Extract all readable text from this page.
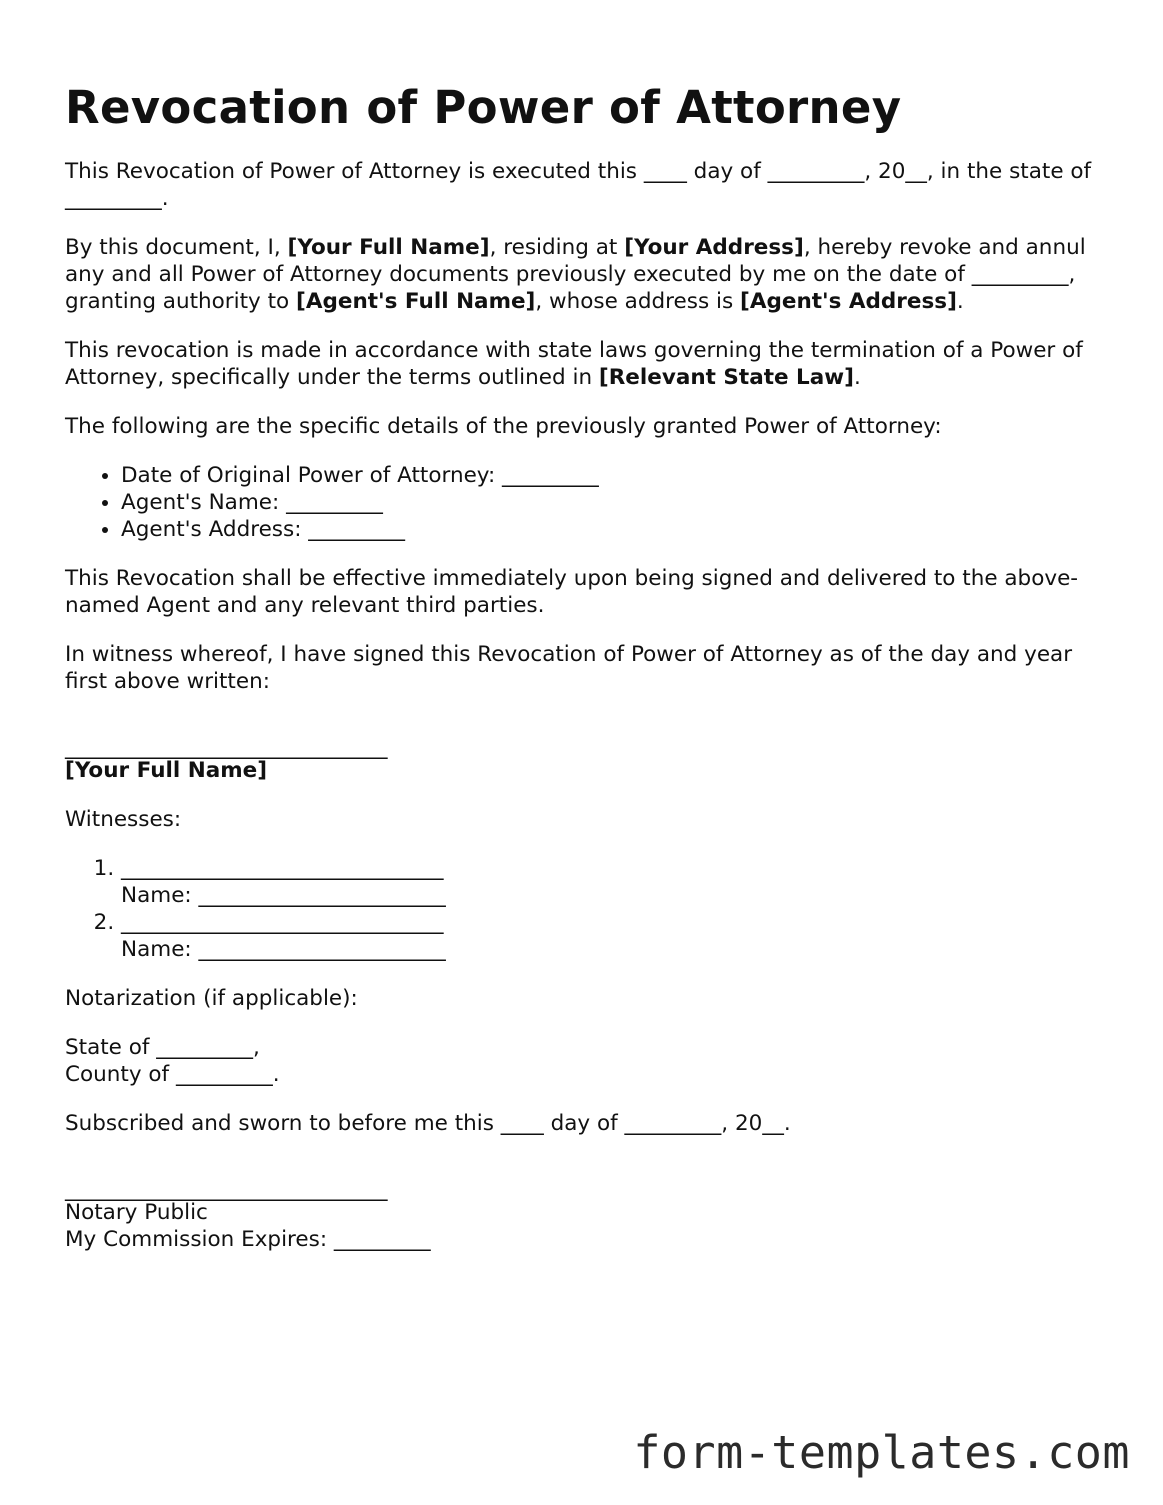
Revocation of Power of Attorney

This Revocation of Power of Attorney is executed this ____ day of _________, 20__, in the state of _________.

By this document, I, [Your Full Name], residing at [Your Address], hereby revoke and annul any and all Power of Attorney documents previously executed by me on the date of _________, granting authority to [Agent's Full Name], whose address is [Agent's Address].

This revocation is made in accordance with state laws governing the termination of a Power of Attorney, specifically under the terms outlined in [Relevant State Law].

The following are the specific details of the previously granted Power of Attorney:

• Date of Original Power of Attorney: _________
• Agent's Name: _________
• Agent's Address: _________

This Revocation shall be effective immediately upon being signed and delivered to the above-named Agent and any relevant third parties.

In witness whereof, I have signed this Revocation of Power of Attorney as of the day and year first above written:

______________________________
[Your Full Name]

Witnesses:

1. ______________________________
Name: _______________________
2. ______________________________
Name: _______________________

Notarization (if applicable):

State of _________,
County of _________.

Subscribed and sworn to before me this ____ day of _________, 20__.

______________________________
Notary Public
My Commission Expires: _________
form-templates.com
